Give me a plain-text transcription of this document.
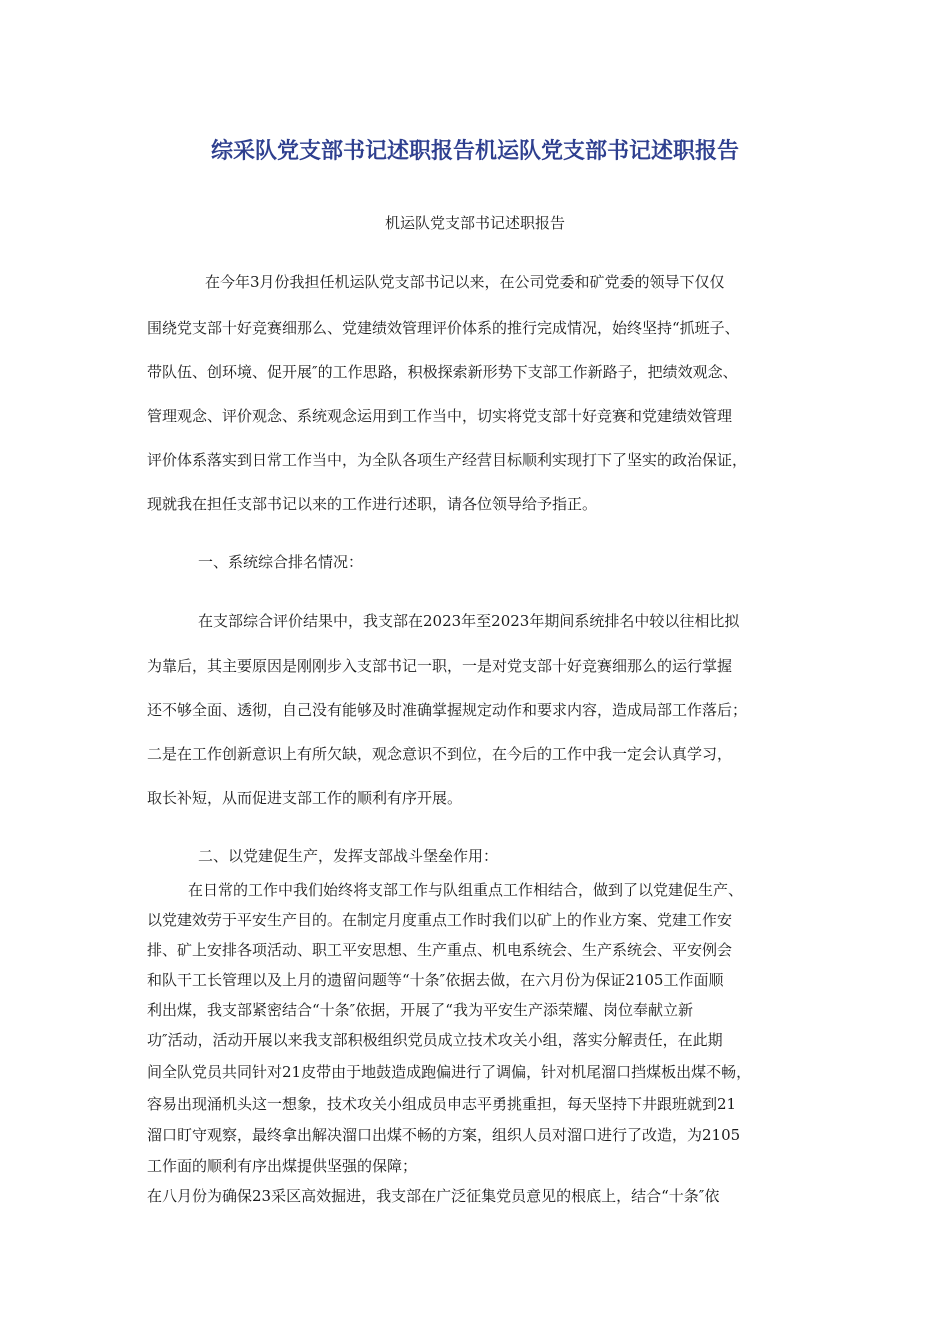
综采队党支部书记述职报告机运队党支部书记述职报告
机运队党支部书记述职报告
在今年3月份我担任机运队党支部书记以来，在公司党委和矿党委的领导下仅仅
围绕党支部十好竞赛细那么、党建绩效管理评价体系的推行完成情况，始终坚持“抓班子、
带队伍、创环境、促开展″的工作思路，积极探索新形势下支部工作新路子，把绩效观念、
管理观念、评价观念、系统观念运用到工作当中，切实将党支部十好竞赛和党建绩效管理
评价体系落实到日常工作当中，为全队各项生产经营目标顺利实现打下了坚实的政治保证，
现就我在担任支部书记以来的工作进行述职，请各位领导给予指正。
一、系统综合排名情况：
在支部综合评价结果中，我支部在2023年至2023年期间系统排名中较以往相比拟
为靠后，其主要原因是刚刚步入支部书记一职，一是对党支部十好竞赛细那么的运行掌握
还不够全面、透彻，自己没有能够及时准确掌握规定动作和要求内容，造成局部工作落后；
二是在工作创新意识上有所欠缺，观念意识不到位，在今后的工作中我一定会认真学习，
取长补短，从而促进支部工作的顺利有序开展。
二、以党建促生产，发挥支部战斗堡垒作用：
在日常的工作中我们始终将支部工作与队组重点工作相结合，做到了以党建促生产、
以党建效劳于平安生产目的。在制定月度重点工作时我们以矿上的作业方案、党建工作安
排、矿上安排各项活动、职工平安思想、生产重点、机电系统会、生产系统会、平安例会
和队干工长管理以及上月的遗留问题等“十条″依据去做，在六月份为保证2105工作面顺
利出煤，我支部紧密结合“十条″依据，开展了“我为平安生产添荣耀、岗位奉献立新
功″活动，活动开展以来我支部积极组织党员成立技术攻关小组，落实分解责任，在此期
间全队党员共同针对21皮带由于地鼓造成跑偏进行了调偏，针对机尾溜口挡煤板出煤不畅，
容易出现涌机头这一想象，技术攻关小组成员申志平勇挑重担，每天坚持下井跟班就到21
溜口盯守观察，最终拿出解决溜口出煤不畅的方案，组织人员对溜口进行了改造，为2105
工作面的顺利有序出煤提供坚强的保障；
在八月份为确保23采区高效掘进，我支部在广泛征集党员意见的根底上，结合“十条″依
